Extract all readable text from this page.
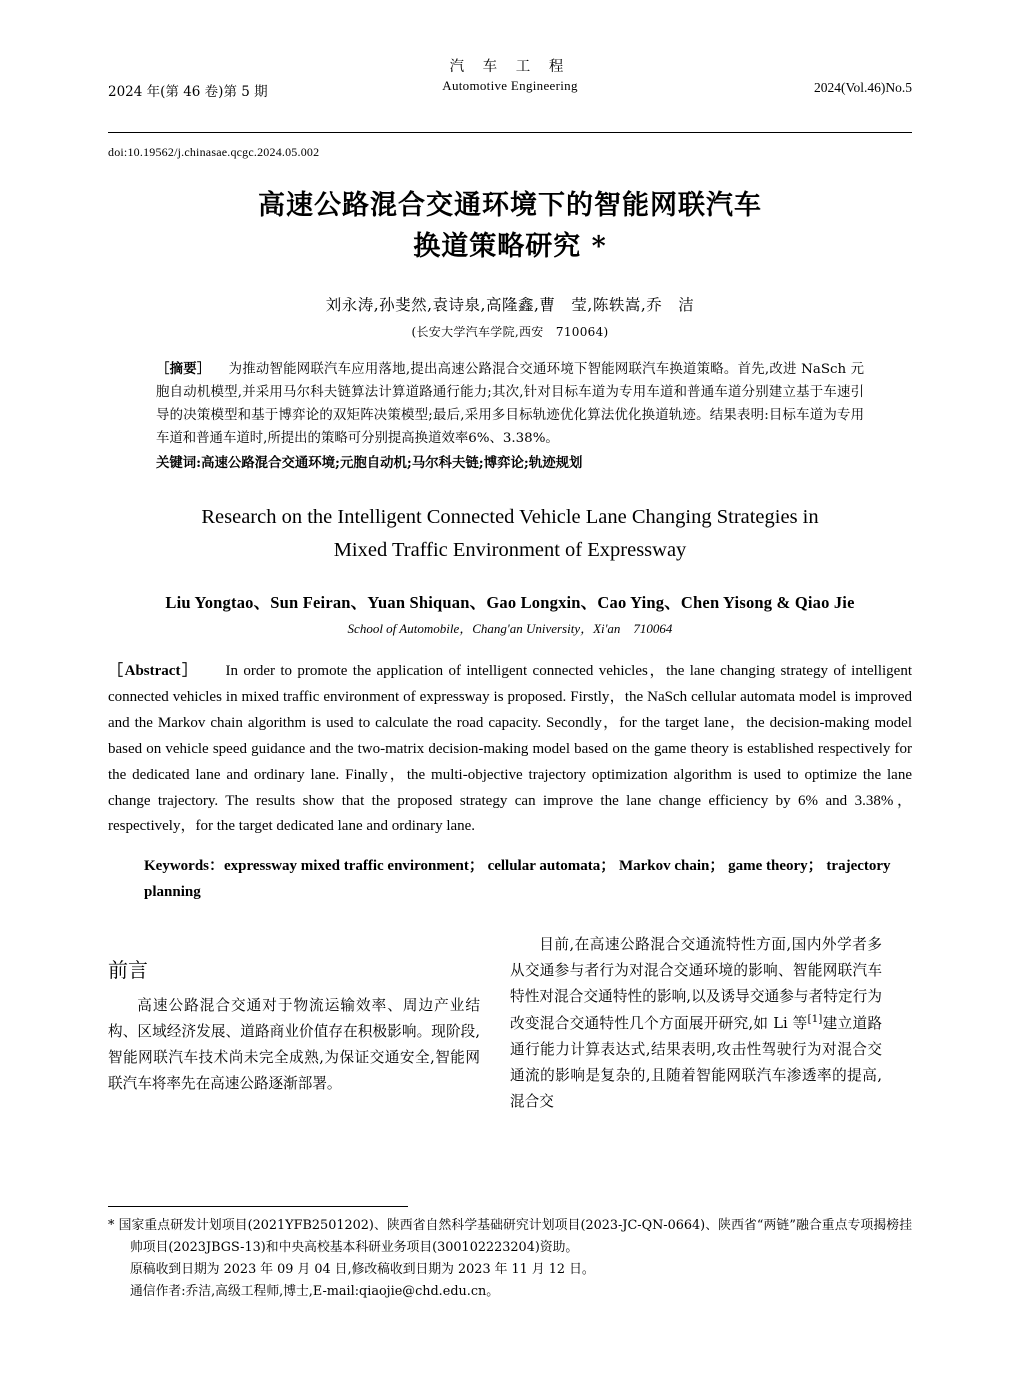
汽 车 工 程
Automotive Engineering
2024 年(第 46 卷)第 5 期	2024(Vol.46)No.5
doi:10.19562/j.chinasae.qcgc.2024.05.002
高速公路混合交通环境下的智能网联汽车
换道策略研究 *
刘永涛,孙斐然,袁诗泉,高隆鑫,曹　莹,陈轶嵩,乔　洁
(长安大学汽车学院,西安　710064)
［摘要］ 为推动智能网联汽车应用落地,提出高速公路混合交通环境下智能网联汽车换道策略。首先,改进 NaSch 元胞自动机模型,并采用马尔科夫链算法计算道路通行能力;其次,针对目标车道为专用车道和普通车道分别建立基于车速引导的决策模型和基于博弈论的双矩阵决策模型;最后,采用多目标轨迹优化算法优化换道轨迹。结果表明:目标车道为专用车道和普通车道时,所提出的策略可分别提高换道效率6%、3.38%。
关键词:高速公路混合交通环境;元胞自动机;马尔科夫链;博弈论;轨迹规划
Research on the Intelligent Connected Vehicle Lane Changing Strategies in
Mixed Traffic Environment of Expressway
Liu Yongtao、Sun Feiran、Yuan Shiquan、Gao Longxin、Cao Ying、Chen Yisong & Qiao Jie
School of Automobile，Chang'an University，Xi'an　710064
［Abstract］ In order to promote the application of intelligent connected vehicles，the lane changing strategy of intelligent connected vehicles in mixed traffic environment of expressway is proposed. Firstly，the NaSch cellular automata model is improved and the Markov chain algorithm is used to calculate the road capacity. Secondly，for the target lane，the decision-making model based on vehicle speed guidance and the two-matrix decision-making model based on the game theory is established respectively for the dedicated lane and ordinary lane. Finally，the multi-objective trajectory optimization algorithm is used to optimize the lane change trajectory. The results show that the proposed strategy can improve the lane change efficiency by 6% and 3.38%，respectively，for the target dedicated lane and ordinary lane.
Keywords：expressway mixed traffic environment； cellular automata； Markov chain； game theory； trajectory planning
前言

高速公路混合交通对于物流运输效率、周边产业结构、区域经济发展、道路商业价值存在积极影响。现阶段,智能网联汽车技术尚未完全成熟,为保证交通安全,智能网联汽车将率先在高速公路逐渐部署。

目前,在高速公路混合交通流特性方面,国内外学者多从交通参与者行为对混合交通环境的影响、智能网联汽车特性对混合交通特性的影响,以及诱导交通参与者特定行为改变混合交通特性几个方面展开研究,如 Li 等[1]建立道路通行能力计算表达式,结果表明,攻击性驾驶行为对混合交通流的影响是复杂的,且随着智能网联汽车渗透率的提高,混合交

* 国家重点研发计划项目(2021YFB2501202)、陕西省自然科学基础研究计划项目(2023-JC-QN-0664)、陕西省“两链”融合重点专项揭榜挂帅项目(2023JBGS-13)和中央高校基本科研业务项目(300102223204)资助。
原稿收到日期为 2023 年 09 月 04 日,修改稿收到日期为 2023 年 11 月 12 日。
通信作者:乔洁,高级工程师,博士,E-mail:qiaojie@chd.edu.cn。
